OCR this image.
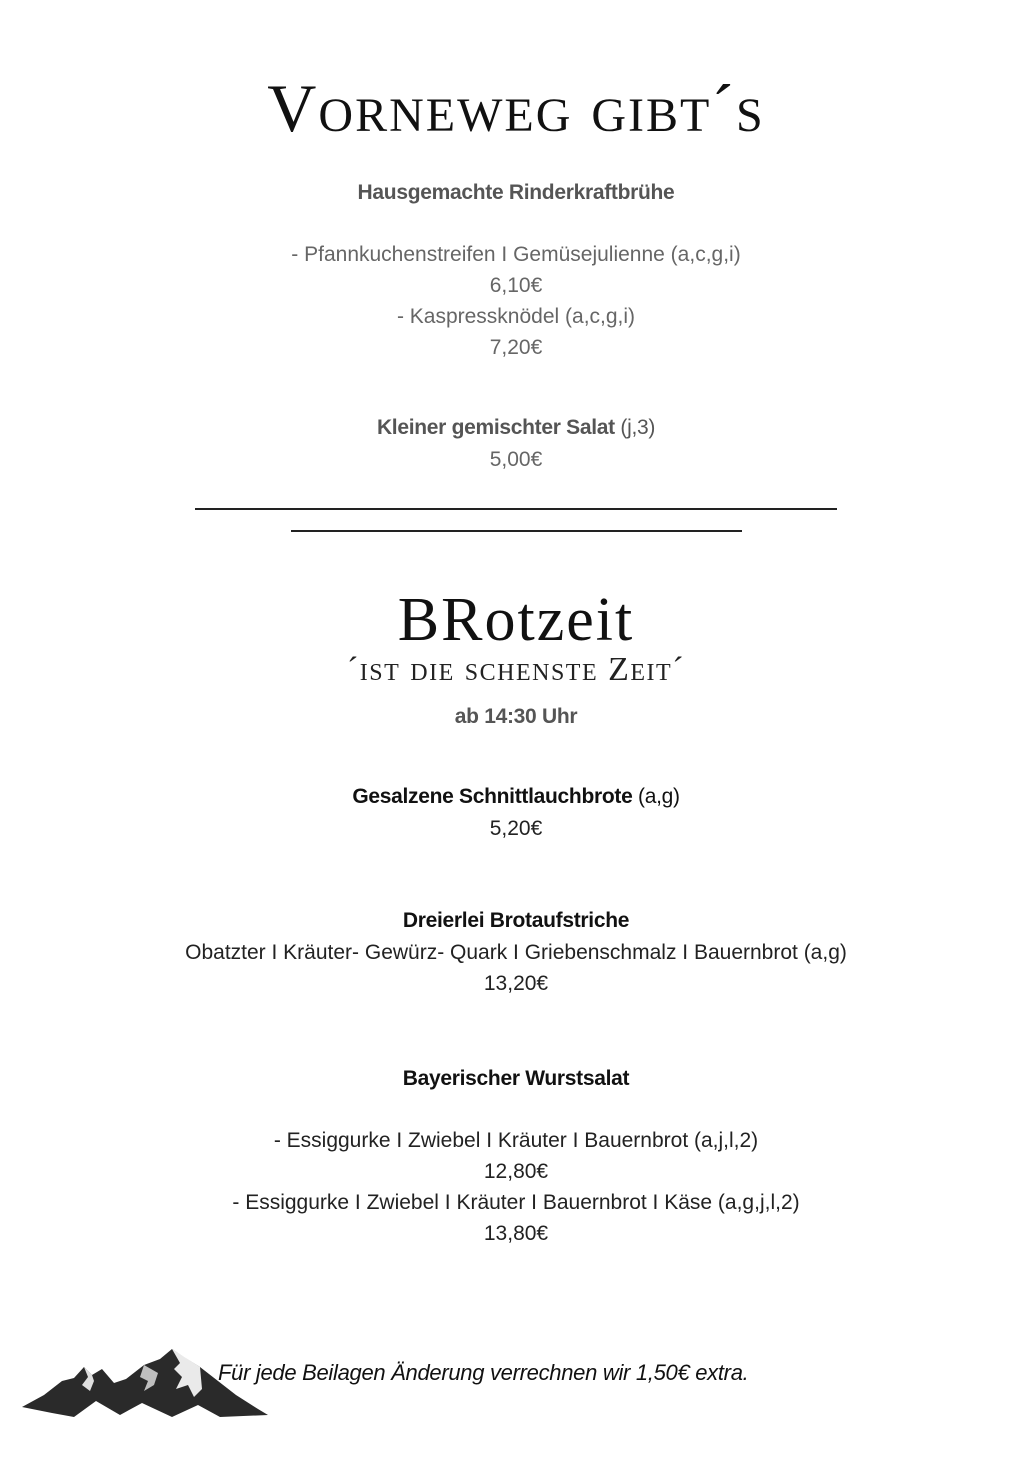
Vorneweg gibt´s
Hausgemachte Rinderkraftbrühe
- Pfannkuchenstreifen I Gemüsejulienne (a,c,g,i)
6,10€
- Kaspressknödel (a,c,g,i)
7,20€
Kleiner gemischter Salat (j,3)
5,00€
BRotzeit
´ist die schenste Zeit´
ab 14:30 Uhr
Gesalzene Schnittlauchbrote (a,g)
5,20€
Dreierlei Brotaufstriche
Obatzter I Kräuter- Gewürz- Quark I Griebenschmalz I Bauernbrot (a,g)
13,20€
Bayerischer Wurstsalat
- Essiggurke I Zwiebel I Kräuter I Bauernbrot (a,j,l,2)
12,80€
- Essiggurke I Zwiebel I Kräuter I Bauernbrot I Käse (a,g,j,l,2)
13,80€
Für jede Beilagen Änderung verrechnen wir 1,50€ extra.
